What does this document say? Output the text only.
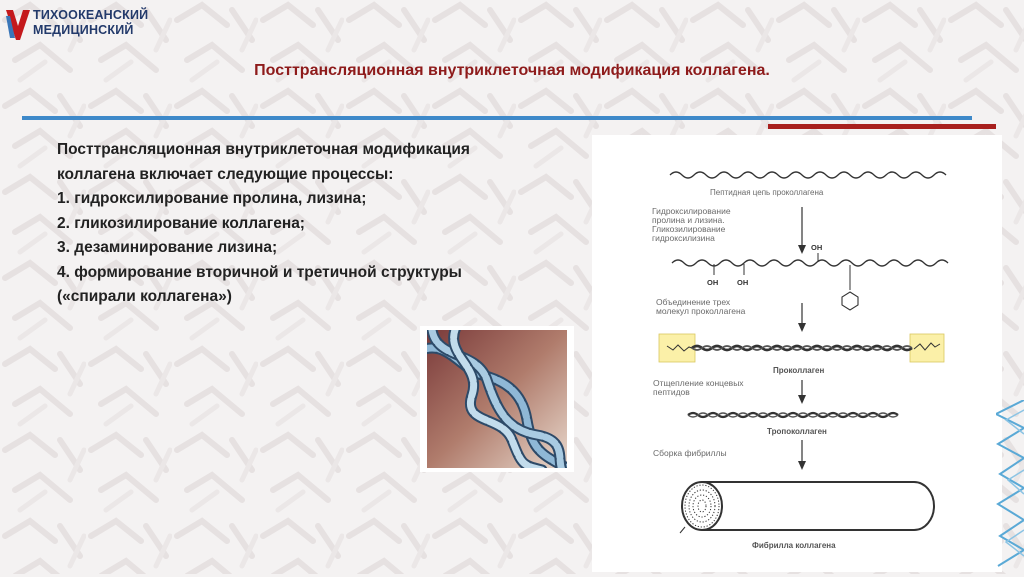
ТИХООКЕАНСКИЙ
МЕДИЦИНСКИЙ
Посттрансляционная внутриклеточная модификация коллагена.
Посттрансляционная внутриклеточная модификация
коллагена включает следующие процессы:
1. гидроксилирование пролина, лизина;
2. гликозилирование коллагена;
3. дезаминирование лизина;
4. формирование вторичной и третичной структуры
(«спирали коллагена»)
Пептидная цепь проколлагена
Гидроксилирование пролина и лизина. Гликозилирование гидроксилизина
OH	OH
OH
Объединение трех молекул проколлагена
Проколлаген
Отщепление концевых пептидов
Тропоколлаген
Сборка фибриллы
Фибрилла коллагена
